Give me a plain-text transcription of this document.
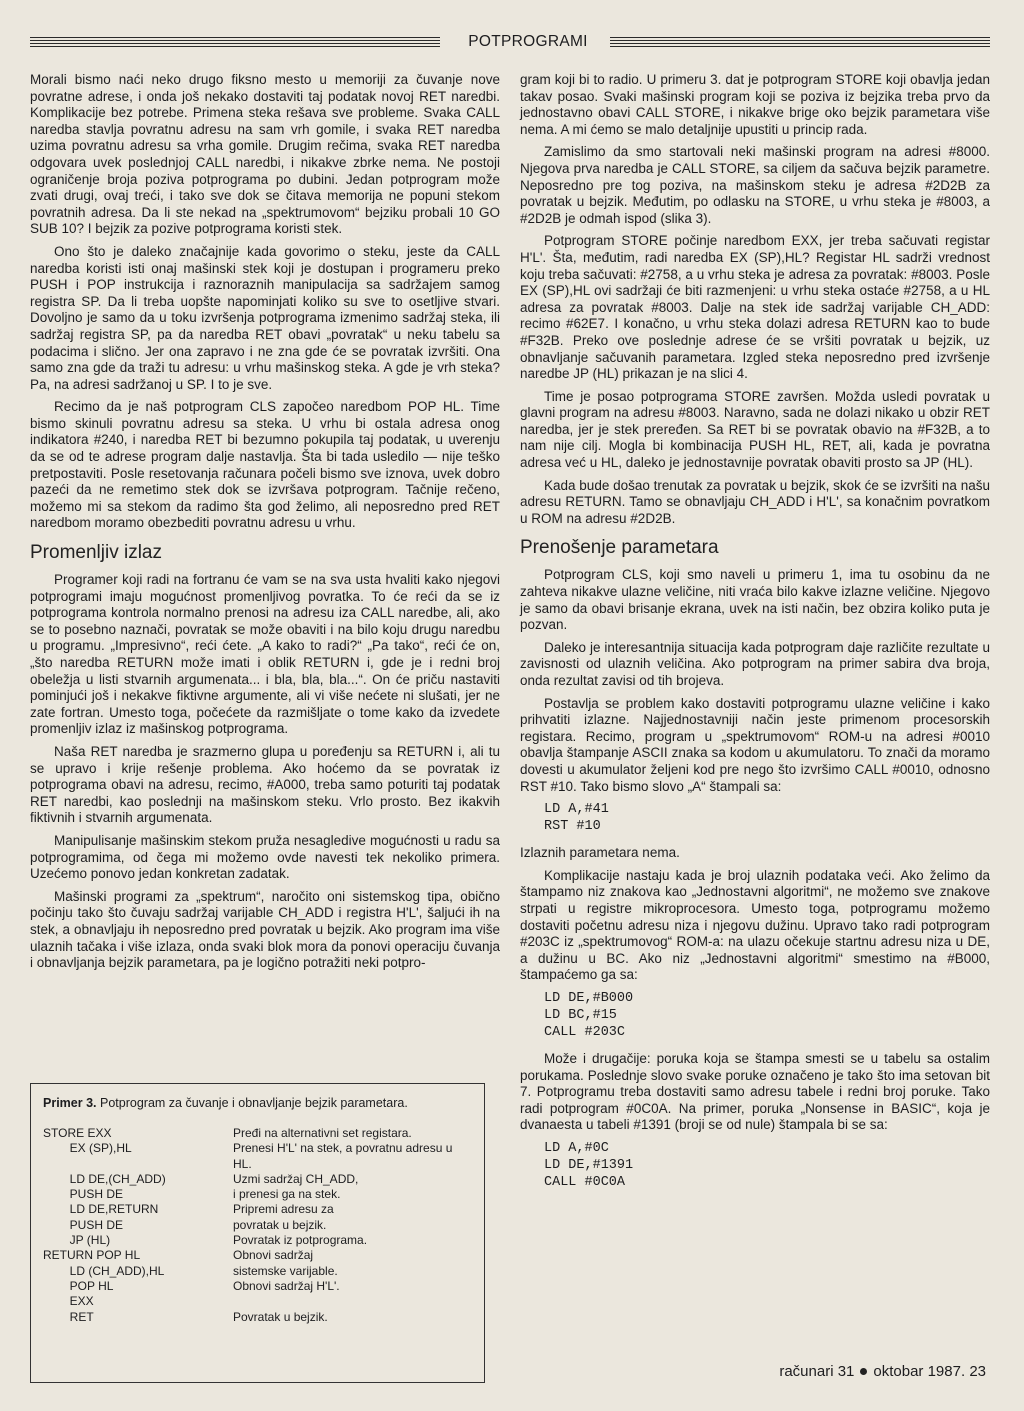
POTPROGRAMI

Morali bismo naći neko drugo fiksno mesto u memoriji za čuvanje nove povratne adrese, i onda još nekako dostaviti taj podatak novoj RET naredbi. Komplikacije bez potrebe. Primena steka rešava sve probleme. Svaka CALL naredba stavlja povratnu adresu na sam vrh gomile, i svaka RET naredba uzima povratnu adresu sa vrha gomile. Drugim rečima, svaka RET naredba odgovara uvek poslednjoj CALL naredbi, i nikakve zbrke nema. Ne postoji ograničenje broja poziva potprograma po dubini. Jedan potprogram može zvati drugi, ovaj treći, i tako sve dok se čitava memorija ne popuni stekom povratnih adresa. Da li ste nekad na „spektrumovom“ bejziku probali 10 GO SUB 10? I bejzik za pozive potprograma koristi stek.

Ono što je daleko značajnije kada govorimo o steku, jeste da CALL naredba koristi isti onaj mašinski stek koji je dostupan i programeru preko PUSH i POP instrukcija i raznoraznih manipulacija sa sadržajem samog registra SP. Da li treba uopšte napominjati koliko su sve to osetljive stvari. Dovoljno je samo da u toku izvršenja potprograma izmenimo sadržaj steka, ili sadržaj registra SP, pa da naredba RET obavi „povratak“ u neku tabelu sa podacima i slično. Jer ona zapravo i ne zna gde će se povratak izvršiti. Ona samo zna gde da traži tu adresu: u vrhu mašinskog steka. A gde je vrh steka? Pa, na adresi sadržanoj u SP. I to je sve.

Recimo da je naš potprogram CLS započeo naredbom POP HL. Time bismo skinuli povratnu adresu sa steka. U vrhu bi ostala adresa onog indikatora #240, i naredba RET bi bezumno pokupila taj podatak, u uverenju da se od te adrese program dalje nastavlja. Šta bi tada usledilo — nije teško pretpostaviti. Posle resetovanja računara počeli bismo sve iznova, uvek dobro pazeći da ne remetimo stek dok se izvršava potprogram. Tačnije rečeno, možemo mi sa stekom da radimo šta god želimo, ali neposredno pred RET naredbom moramo obezbediti povratnu adresu u vrhu.

Promenljiv izlaz

Programer koji radi na fortranu će vam se na sva usta hvaliti kako njegovi potprogrami imaju mogućnost promenljivog povratka. To će reći da se iz potprograma kontrola normalno prenosi na adresu iza CALL naredbe, ali, ako se to posebno naznači, povratak se može obaviti i na bilo koju drugu naredbu u programu. „Impresivno“, reći ćete. „A kako to radi?“ „Pa tako“, reći će on, „što naredba RETURN može imati i oblik RETURN i, gde je i redni broj obeležja u listi stvarnih argumenata... i bla, bla, bla...“. On će priču nastaviti pominjući još i nekakve fiktivne argumente, ali vi više nećete ni slušati, jer ne zate fortran. Umesto toga, počećete da razmišljate o tome kako da izvedete promenljiv izlaz iz mašinskog potprograma.

Naša RET naredba je srazmerno glupa u poređenju sa RETURN i, ali tu se upravo i krije rešenje problema. Ako hoćemo da se povratak iz potprograma obavi na adresu, recimo, #A000, treba samo poturiti taj podatak RET naredbi, kao poslednji na mašinskom steku. Vrlo prosto. Bez ikakvih fiktivnih i stvarnih argumenata.

Manipulisanje mašinskim stekom pruža nesagledive mogućnosti u radu sa potprogramima, od čega mi možemo ovde navesti tek nekoliko primera. Uzećemo ponovo jedan konkretan zadatak.

Mašinski programi za „spektrum“, naročito oni sistemskog tipa, obično počinju tako što čuvaju sadržaj varijable CH_ADD i registra H'L', šaljući ih na stek, a obnavljaju ih neposredno pred povratak u bejzik. Ako program ima više ulaznih tačaka i više izlaza, onda svaki blok mora da ponovi operaciju čuvanja i obnavljanja bejzik parametara, pa je logično potražiti neki potpro-

Primer 3. Potprogram za čuvanje i obnavljanje bejzik parametara.
STORE EXX	Pređi na alternativni set registara.
EX (SP),HL	Prenesi H'L' na stek, a povratnu adresu u HL.
LD DE,(CH_ADD)	Uzmi sadržaj CH_ADD,
PUSH DE	i prenesi ga na stek.
LD DE,RETURN	Pripremi adresu za
PUSH DE	povratak u bejzik.
JP (HL)	Povratak iz potprograma.
RETURN POP HL	Obnovi sadržaj
LD (CH_ADD),HL	sistemske varijable.
POP HL	Obnovi sadržaj H'L'.
EXX
RET	Povratak u bejzik.

gram koji bi to radio. U primeru 3. dat je potprogram STORE koji obavlja jedan takav posao. Svaki mašinski program koji se poziva iz bejzika treba prvo da jednostavno obavi CALL STORE, i nikakve brige oko bejzik parametara više nema. A mi ćemo se malo detaljnije upustiti u princip rada.

Zamislimo da smo startovali neki mašinski program na adresi #8000. Njegova prva naredba je CALL STORE, sa ciljem da sačuva bejzik parametre. Neposredno pre tog poziva, na mašinskom steku je adresa #2D2B za povratak u bejzik. Međutim, po odlasku na STORE, u vrhu steka je #8003, a #2D2B je odmah ispod (slika 3).

Potprogram STORE počinje naredbom EXX, jer treba sačuvati registar H'L'. Šta, međutim, radi naredba EX (SP),HL? Registar HL sadrži vrednost koju treba sačuvati: #2758, a u vrhu steka je adresa za povratak: #8003. Posle EX (SP),HL ovi sadržaji će biti razmenjeni: u vrhu steka ostaće #2758, a u HL adresa za povratak #8003. Dalje na stek ide sadržaj varijable CH_ADD: recimo #62E7. I konačno, u vrhu steka dolazi adresa RETURN kao to bude #F32B. Preko ove poslednje adrese će se vršiti povratak u bejzik, uz obnavljanje sačuvanih parametara. Izgled steka neposredno pred izvršenje naredbe JP (HL) prikazan je na slici 4.

Time je posao potprograma STORE završen. Možda usledi povratak u glavni program na adresu #8003. Naravno, sada ne dolazi nikako u obzir RET naredba, jer je stek prerеđen. Sa RET bi se povratak obavio na #F32B, a to nam nije cilj. Mogla bi kombinacija PUSH HL, RET, ali, kada je povratna adresa već u HL, daleko je jednostavnije povratak obaviti prosto sa JP (HL).

Kada bude došao trenutak za povratak u bejzik, skok će se izvršiti na našu adresu RETURN. Tamo se obnavljaju CH_ADD i H'L', sa konačnim povratkom u ROM na adresu #2D2B.

Prenošenje parametara

Potprogram CLS, koji smo naveli u primeru 1, ima tu osobinu da ne zahteva nikakve ulazne veličine, niti vraća bilo kakve izlazne veličine. Njegovo je samo da obavi brisanje ekrana, uvek na isti način, bez obzira koliko puta je pozvan.

Daleko je interesantnija situacija kada potprogram daje različite rezultate u zavisnosti od ulaznih veličina. Ako potprogram na primer sabira dva broja, onda rezultat zavisi od tih brojeva.

Postavlja se problem kako dostaviti potprogramu ulazne veličine i kako prihvatiti izlazne. Najjednostavniji način jeste primenom procesorskih registara. Recimo, program u „spektrumovom“ ROM-u na adresi #0010 obavlja štampanje ASCII znaka sa kodom u akumulatoru. To znači da moramo dovesti u akumulator željeni kod pre nego što izvršimo CALL #0010, odnosno RST #10. Tako bismo slovo „A“ štampali sa:

LD A,#41
RST #10

Izlaznih parametara nema.

Komplikacije nastaju kada je broj ulaznih podataka veći. Ako želimo da štampamo niz znakova kao „Jednostavni algoritmi“, ne možemo sve znakove strpati u registre mikroprocesora. Umesto toga, potprogramu možemo dostaviti početnu adresu niza i njegovu dužinu. Upravo tako radi potprogram #203C iz „spektrumovog“ ROM-a: na ulazu očekuje startnu adresu niza u DE, a dužinu u BC. Ako niz „Jednostavni algoritmi“ smestimo na #B000, štampaćemo ga sa:

LD DE,#B000
LD BC,#15
CALL #203C

Može i drugačije: poruka koja se štampa smesti se u tabelu sa ostalim porukama. Poslednje slovo svake poruke označeno je tako što ima setovan bit 7. Potprogramu treba dostaviti samo adresu tabele i redni broj poruke. Tako radi potprogram #0C0A. Na primer, poruka „Nonsense in BASIC“, koja je dvanaesta u tabeli #1391 (broji se od nule) štampala bi se sa:

LD A,#0C
LD DE,#1391
CALL #0C0A
računari 31 oktobar 1987. 23
